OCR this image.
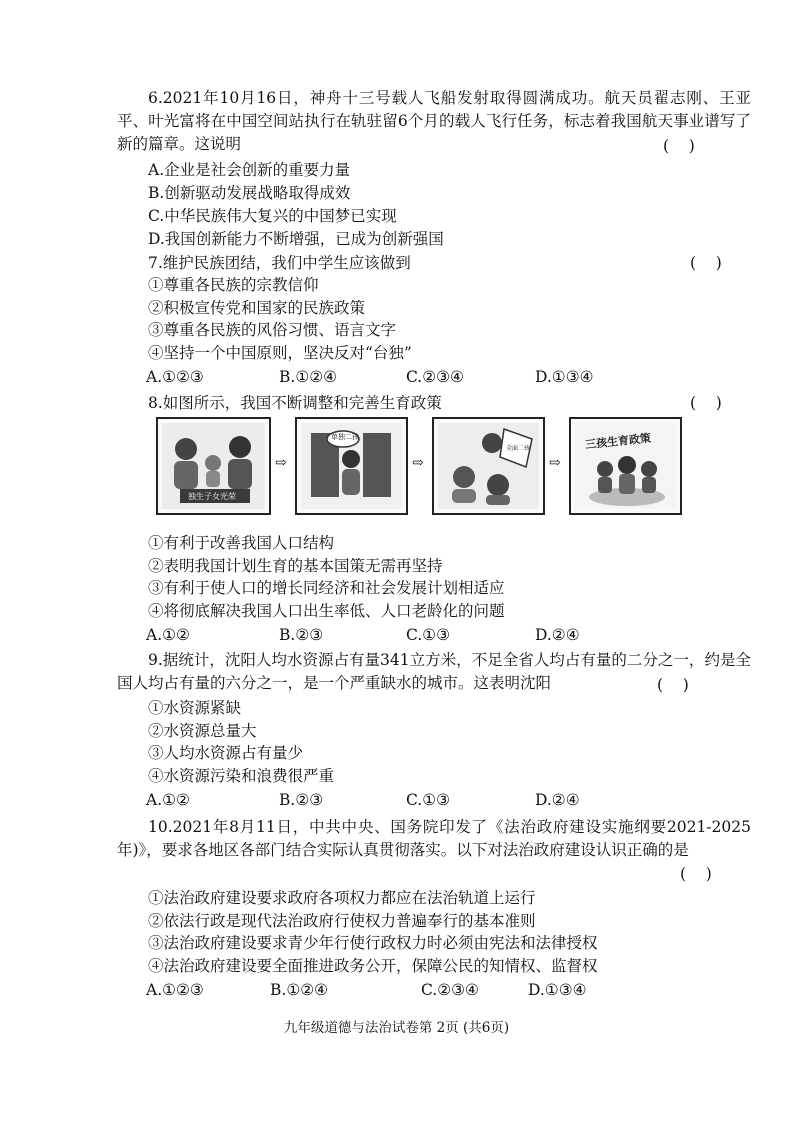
6.2021年10月16日，神舟十三号载人飞船发射取得圆满成功。航天员翟志刚、王亚平、叶光富将在中国空间站执行在轨驻留6个月的载人飞行任务，标志着我国航天事业谱写了新的篇章。这说明	(    )
A.企业是社会创新的重要力量
B.创新驱动发展战略取得成效
C.中华民族伟大复兴的中国梦已实现
D.我国创新能力不断增强，已成为创新强国
7.维护民族团结，我们中学生应该做到	(    )
①尊重各民族的宗教信仰
②积极宣传党和国家的民族政策
③尊重各民族的风俗习惯、语言文字
④坚持一个中国原则，坚决反对“台独”
A.①②③	B.①②④	C.②③④	D.①③④
8.如图所示，我国不断调整和完善生育政策	(    )
独生子女光荣
⇨
单独二孩
⇨
全面二孩
⇨
三孩生育政策
①有利于改善我国人口结构
②表明我国计划生育的基本国策无需再坚持
③有利于使人口的增长同经济和社会发展计划相适应
④将彻底解决我国人口出生率低、人口老龄化的问题
A.①②	B.②③	C.①③	D.②④
9.据统计，沈阳人均水资源占有量341立方米，不足全省人均占有量的二分之一，约是全国人均占有量的六分之一，是一个严重缺水的城市。这表明沈阳	(    )
①水资源紧缺
②水资源总量大
③人均水资源占有量少
④水资源污染和浪费很严重
A.①②	B.②③	C.①③	D.②④
10.2021年8月11日，中共中央、国务院印发了《法治政府建设实施纲要2021-2025年)》，要求各地区各部门结合实际认真贯彻落实。以下对法治政府建设认识正确的是
(    )
①法治政府建设要求政府各项权力都应在法治轨道上运行
②依法行政是现代法治政府行使权力普遍奉行的基本准则
③法治政府建设要求青少年行使行政权力时必须由宪法和法律授权
④法治政府建设要全面推进政务公开，保障公民的知情权、监督权
A.①②③	B.①②④	C.②③④	D.①③④
九年级道德与法治试卷第 2页 (共6页)
